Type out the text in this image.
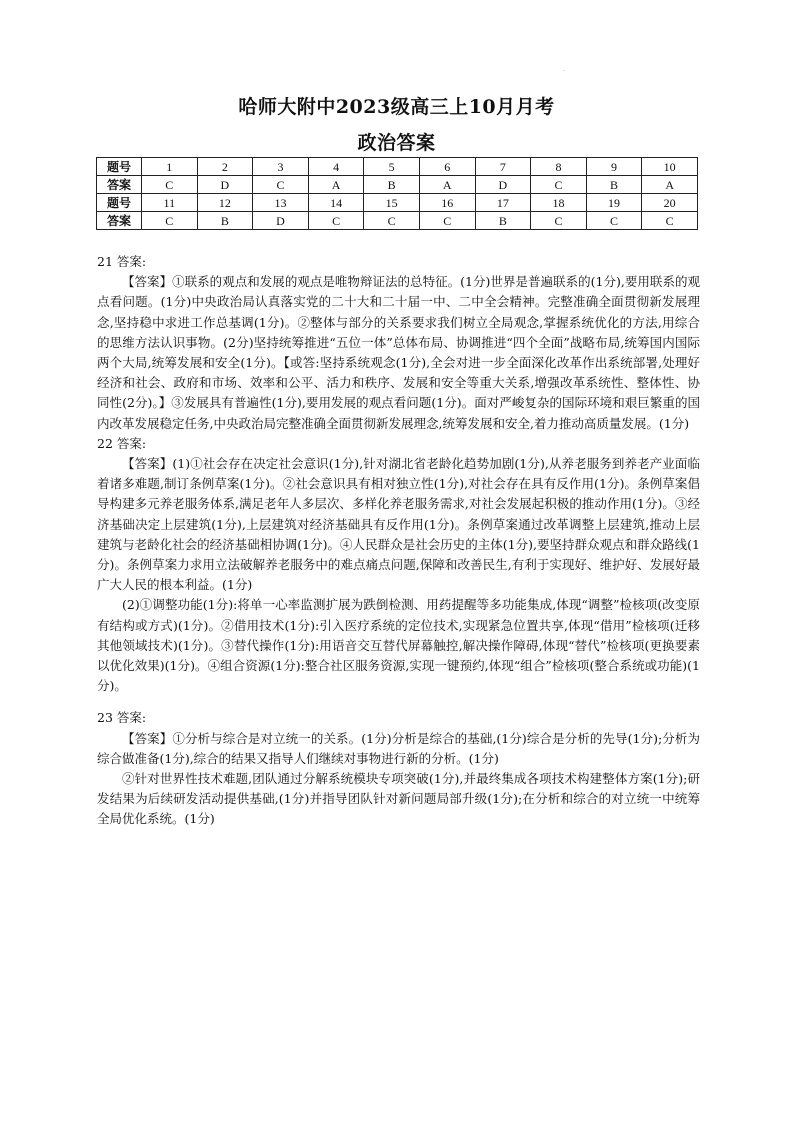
.
哈师大附中2023级高三上10月月考
政治答案
题号	1	2	3	4	5	6	7	8	9	10
答案	C	D	C	A	B	A	D	C	B	A
题号	11	12	13	14	15	16	17	18	19	20
答案	C	B	D	C	C	C	B	C	C	C

21 答案:

【答案】①联系的观点和发展的观点是唯物辩证法的总特征。(1分)世界是普遍联系的(1分),要用联系的观点看问题。(1分)中央政治局认真落实党的二十大和二十届一中、二中全会精神。完整准确全面贯彻新发展理念,坚持稳中求进工作总基调(1分)。②整体与部分的关系要求我们树立全局观念,掌握系统优化的方法,用综合的思维方法认识事物。(2分)坚持统筹推进“五位一体”总体布局、协调推进“四个全面”战略布局,统筹国内国际两个大局,统筹发展和安全(1分)。【或答:坚持系统观念(1分),全会对进一步全面深化改革作出系统部署,处理好经济和社会、政府和市场、效率和公平、活力和秩序、发展和安全等重大关系,增强改革系统性、整体性、协同性(2分)。】③发展具有普遍性(1分),要用发展的观点看问题(1分)。面对严峻复杂的国际环境和艰巨繁重的国内改革发展稳定任务,中央政治局完整准确全面贯彻新发展理念,统筹发展和安全,着力推动高质量发展。(1分)

22 答案:

【答案】(1)①社会存在决定社会意识(1分),针对湖北省老龄化趋势加剧(1分),从养老服务到养老产业面临着诸多难题,制订条例草案(1分)。②社会意识具有相对独立性(1分),对社会存在具有反作用(1分)。条例草案倡导构建多元养老服务体系,满足老年人多层次、多样化养老服务需求,对社会发展起积极的推动作用(1分)。③经济基础决定上层建筑(1分),上层建筑对经济基础具有反作用(1分)。条例草案通过改革调整上层建筑,推动上层建筑与老龄化社会的经济基础相协调(1分)。④人民群众是社会历史的主体(1分),要坚持群众观点和群众路线(1分)。条例草案力求用立法破解养老服务中的难点痛点问题,保障和改善民生,有利于实现好、维护好、发展好最广大人民的根本利益。(1分)

(2)①调整功能(1分):将单一心率监测扩展为跌倒检测、用药提醒等多功能集成,体现“调整”检核项(改变原有结构或方式)(1分)。②借用技术(1分):引入医疗系统的定位技术,实现紧急位置共享,体现“借用”检核项(迁移其他领域技术)(1分)。③替代操作(1分):用语音交互替代屏幕触控,解决操作障碍,体现“替代”检核项(更换要素以优化效果)(1分)。④组合资源(1分):整合社区服务资源,实现一键预约,体现“组合”检核项(整合系统或功能)(1分)。

23 答案:

【答案】①分析与综合是对立统一的关系。(1分)分析是综合的基础,(1分)综合是分析的先导(1分);分析为综合做准备(1分),综合的结果又指导人们继续对事物进行新的分析。(1分)

②针对世界性技术难题,团队通过分解系统模块专项突破(1分),并最终集成各项技术构建整体方案(1分);研发结果为后续研发活动提供基础,(1分)并指导团队针对新问题局部升级(1分);在分析和综合的对立统一中统筹全局优化系统。(1分)
